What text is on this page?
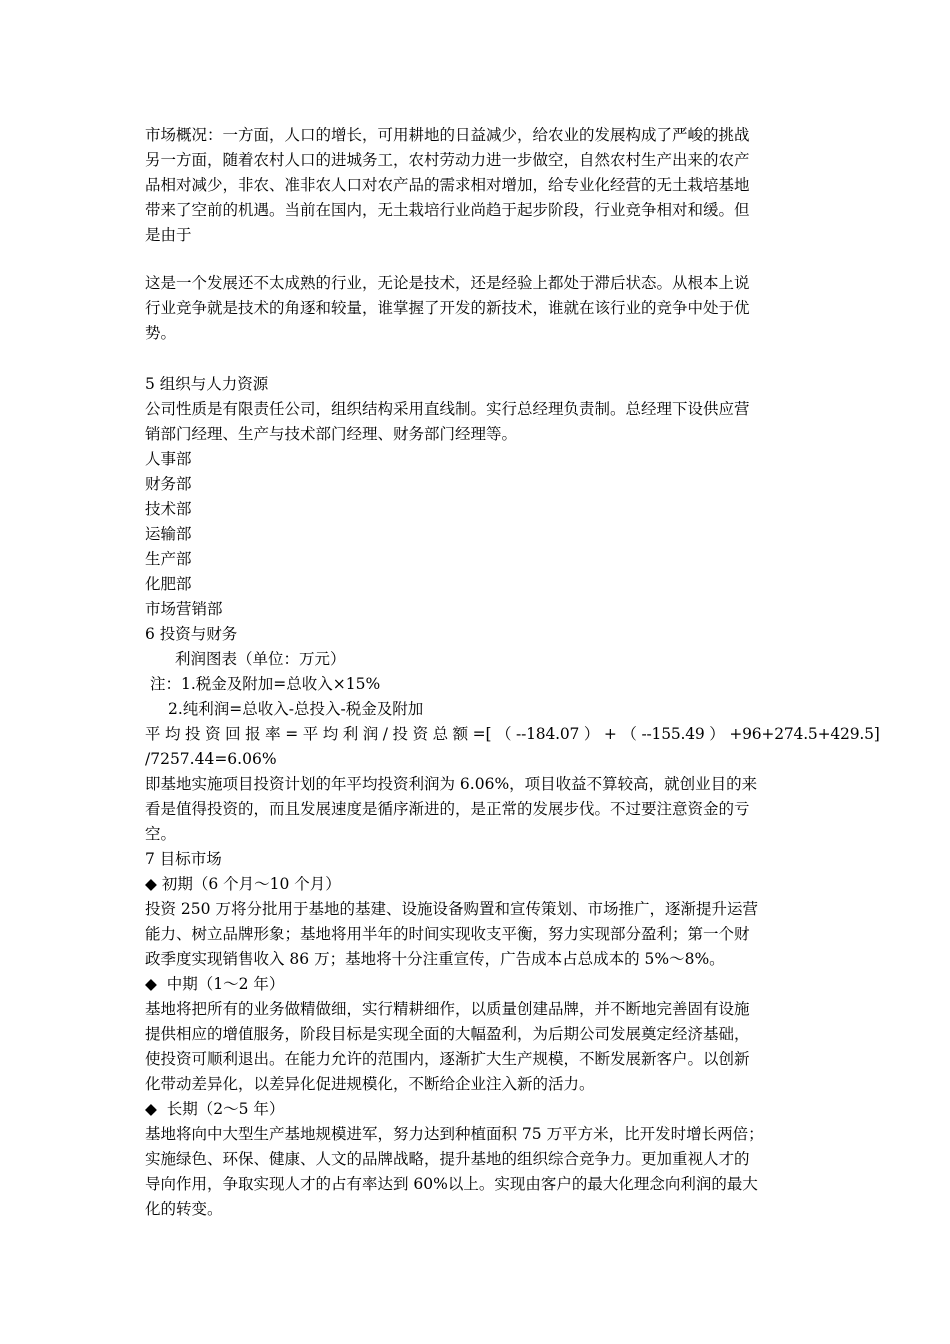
市场概况：一方面，人口的增长，可用耕地的日益减少，给农业的发展构成了严峻的挑战
另一方面，随着农村人口的进城务工，农村劳动力进一步做空，自然农村生产出来的农产
品相对减少，非农、准非农人口对农产品的需求相对增加，给专业化经营的无土栽培基地
带来了空前的机遇。当前在国内，无土栽培行业尚趋于起步阶段，行业竞争相对和缓。但
是由于
这是一个发展还不太成熟的行业，无论是技术，还是经验上都处于滞后状态。从根本上说
行业竞争就是技术的角逐和较量，谁掌握了开发的新技术，谁就在该行业的竞争中处于优
势。
5 组织与人力资源
公司性质是有限责任公司，组织结构采用直线制。实行总经理负责制。总经理下设供应营
销部门经理、生产与技术部门经理、财务部门经理等。
人事部
财务部
技术部
运输部
生产部
化肥部
市场营销部
6 投资与财务
利润图表（单位：万元）
注：1.税金及附加=总收入×15%
2.纯利润=总收入-总投入-税金及附加
平 均 投 资 回 报 率 = 平 均 利 润 / 投 资 总 额 =[ （ --184.07 ） + （ --155.49 ） +96+274.5+429.5]
/7257.44=6.06%
即基地实施项目投资计划的年平均投资利润为 6.06%，项目收益不算较高，就创业目的来
看是值得投资的，而且发展速度是循序渐进的，是正常的发展步伐。不过要注意资金的亏
空。
7 目标市场
◆ 初期（6 个月～10 个月）
投资 250 万将分批用于基地的基建、设施设备购置和宣传策划、市场推广，逐渐提升运营
能力、树立品牌形象；基地将用半年的时间实现收支平衡，努力实现部分盈利；第一个财
政季度实现销售收入 86 万；基地将十分注重宣传，广告成本占总成本的 5%～8%。
◆  中期（1～2 年）
基地将把所有的业务做精做细，实行精耕细作，以质量创建品牌，并不断地完善固有设施
提供相应的增值服务，阶段目标是实现全面的大幅盈利，为后期公司发展奠定经济基础，
使投资可顺利退出。在能力允许的范围内，逐渐扩大生产规模，不断发展新客户。以创新
化带动差异化，以差异化促进规模化，不断给企业注入新的活力。
◆  长期（2～5 年）
基地将向中大型生产基地规模进军，努力达到种植面积 75 万平方米，比开发时增长两倍；
实施绿色、环保、健康、人文的品牌战略，提升基地的组织综合竞争力。更加重视人才的
导向作用，争取实现人才的占有率达到 60%以上。实现由客户的最大化理念向利润的最大
化的转变。
